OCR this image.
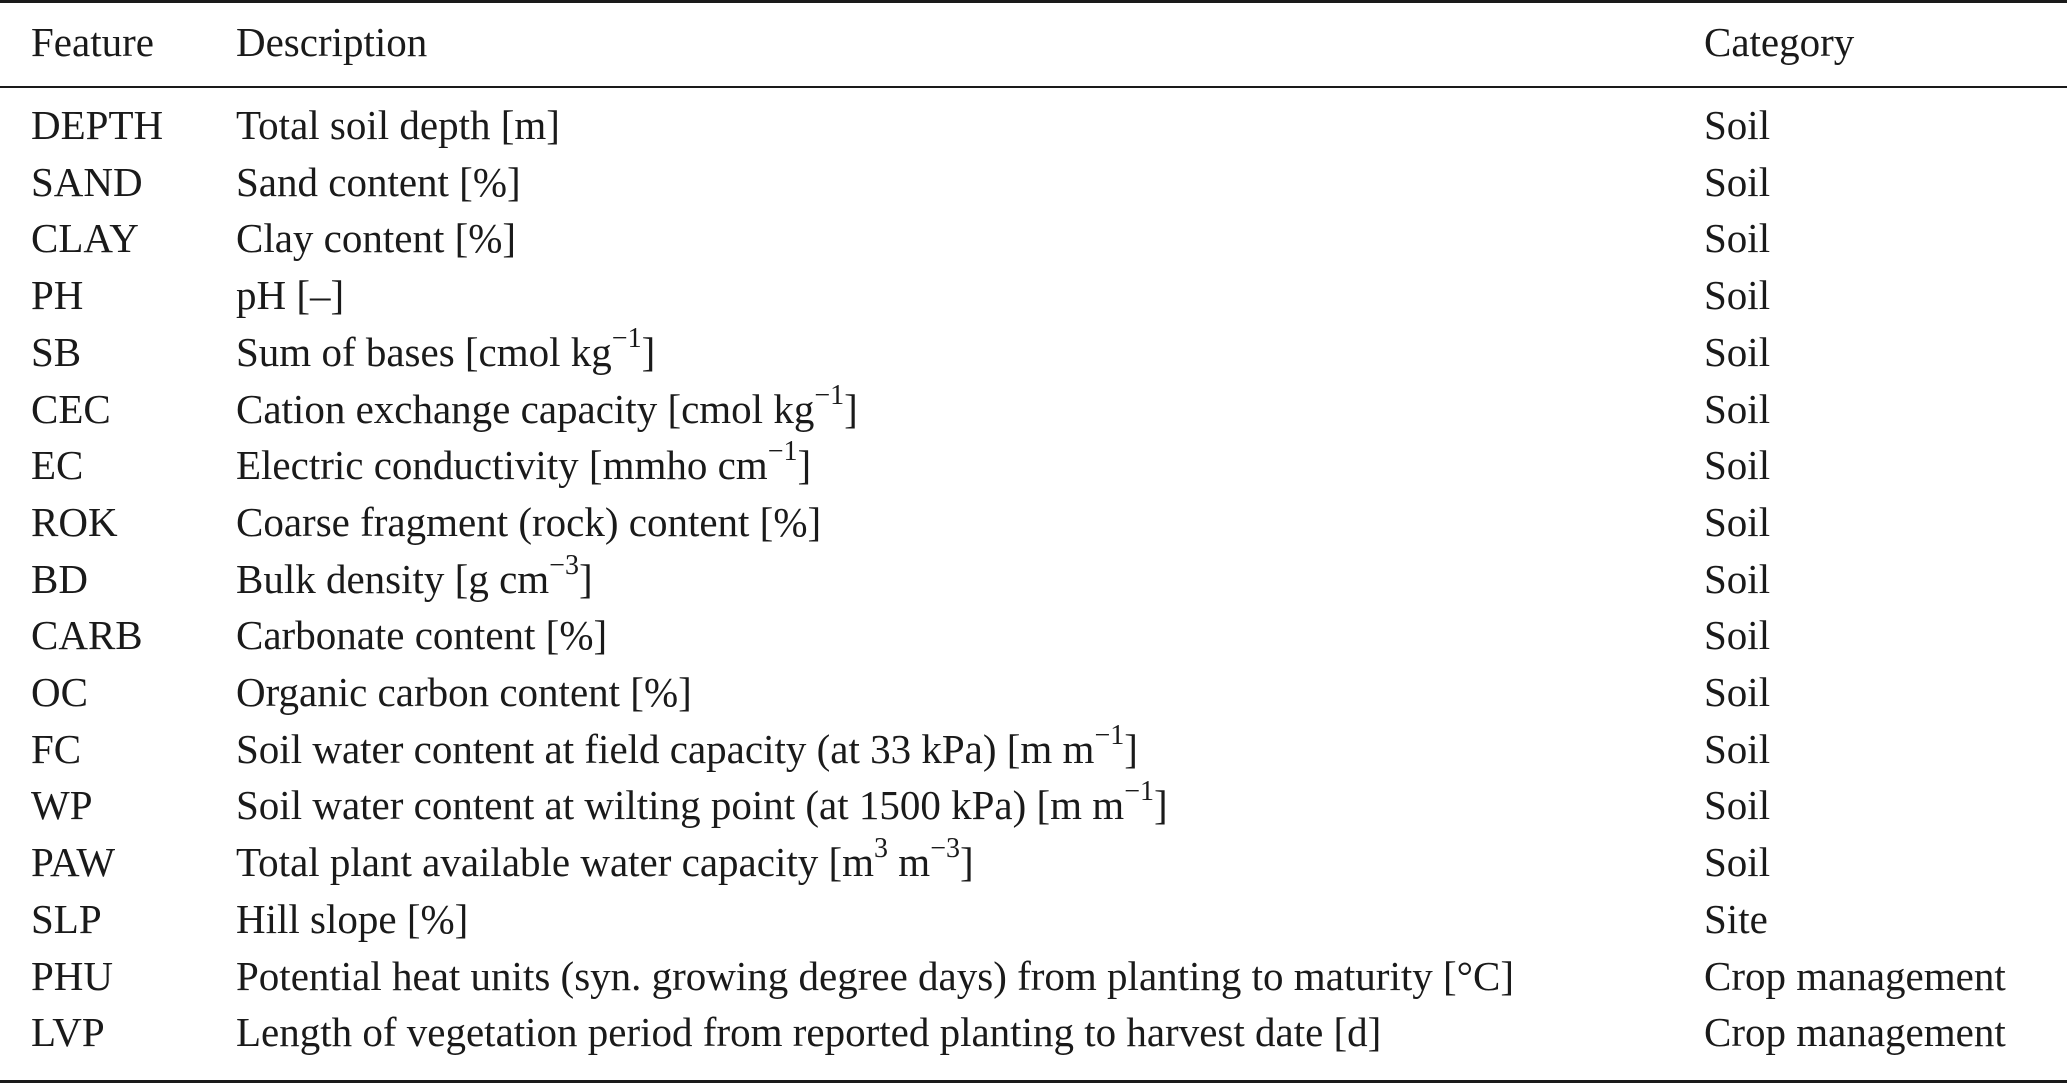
Feature Description	Category
DEPTH Total soil depth [m]	Soil
SAND Sand content [%]	Soil
CLAY Clay content [%]	Soil
PH	pH [–]	Soil
SB	Sum of bases [cmol $kg^{-1}$]	Soil
CEC	Cation exchange capacity [cmol $kg^{-1}$]	Soil
EC	Electric conductivity [mmho $cm^{-1}$]	Soil
ROK	Coarse fragment (rock) content [%]	Soil
BD	Bulk density [g $cm^{-3}$]	Soil
CARB Carbonate content [%]	Soil
OC	Organic carbon content [%]	Soil
FC	Soil water content at field capacity (at 33 kPa) [m $m^{-1}$]	Soil
WP	Soil water content at wilting point (at 1500 kPa) [m $m^{-1}$]	Soil
PAW	Total plant available water capacity [$m^3$ $m^{-3}$]	Soil
SLP	Hill slope [%]	Site
PHU	Potential heat units (syn. growing degree days) from planting to maturity [°C]	Crop management
LVP	Length of vegetation period from reported planting to harvest date [d]	Crop management
